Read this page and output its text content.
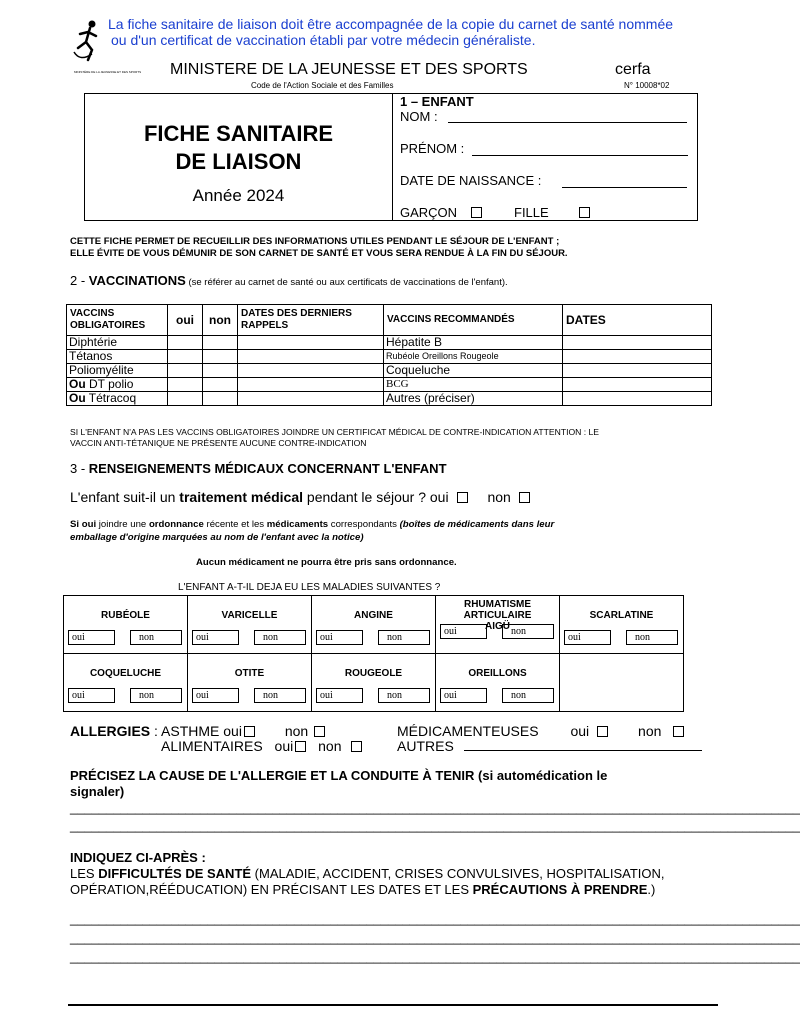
La fiche sanitaire de liaison doit être accompagnée de la copie du carnet de santé nommée
ou d'un certificat de vaccination établi par votre médecin généraliste.
MINISTÈRE DE LA JEUNESSE ET DES SPORTS MINISTERE DE LA JEUNESSE ET DES SPORTS	cerfa
Code de l'Action Sociale et des Familles	N° 10008*02
FICHE SANITAIRE
DE LIAISON
Année 2024
1 – ENFANT
NOM :
PRÉNOM :
DATE DE NAISSANCE :
GARÇON	FILLE
CETTE FICHE PERMET DE RECUEILLIR DES INFORMATIONS UTILES PENDANT LE SÉJOUR DE L'ENFANT ;
ELLE ÉVITE DE VOUS DÉMUNIR DE SON CARNET DE SANTÉ ET VOUS SERA RENDUE À LA FIN DU SÉJOUR.
2 - VACCINATIONS (se référer au carnet de santé ou aux certificats de vaccinations de l'enfant).
VACCINS OBLIGATOIRES	oui	non	DATES DES DERNIERS RAPPELS	VACCINS RECOMMANDÉS	DATES
Diphtérie				Hépatite B	
Tétanos				Rubéole Oreillons Rougeole	
Poliomyélite				Coqueluche	
Ou DT polio				BCG	
Ou Tétracoq				Autres (préciser)	
SI L'ENFANT N'A PAS LES VACCINS OBLIGATOIRES JOINDRE UN CERTIFICAT MÉDICAL DE CONTRE-INDICATION ATTENTION : LE
VACCIN ANTI-TÉTANIQUE NE PRÉSENTE AUCUNE CONTRE-INDICATION
3 - RENSEIGNEMENTS MÉDICAUX CONCERNANT L'ENFANT
L'enfant suit-il un traitement médical pendant le séjour ? oui	non
Si oui joindre une ordonnance récente et les médicaments correspondants (boîtes de médicaments dans leur
emballage d'origine marquées au nom de l'enfant avec la notice)
Aucun médicament ne pourra être pris sans ordonnance.
L'ENFANT A-T-IL DEJA EU LES MALADIES SUIVANTES ?
RUBÉOLE
oui non	VARICELLE
oui non	ANGINE
oui non	RHUMATISME ARTICULAIRE AIGÜ
oui non	SCARLATINE
oui non

COQUELUCHE
oui non	OTITE
oui non	ROUGEOLE
oui non	OREILLONS
oui non	

ALLERGIES : ASTHME oui	non	MÉDICAMENTEUSES oui	non
ALIMENTAIRES oui non	AUTRES
PRÉCISEZ LA CAUSE DE L'ALLERGIE ET LA CONDUITE À TENIR (si automédication le
signaler)
_____________________________________________________________________________________________________
_____________________________________________________________________________________________________
INDIQUEZ CI-APRÈS :
LES DIFFICULTÉS DE SANTÉ (MALADIE, ACCIDENT, CRISES CONVULSIVES, HOSPITALISATION,
OPÉRATION,RÉÉDUCATION) EN PRÉCISANT LES DATES ET LES PRÉCAUTIONS À PRENDRE.)
_____________________________________________________________________________________________________
_____________________________________________________________________________________________________
_____________________________________________________________________________________________________
